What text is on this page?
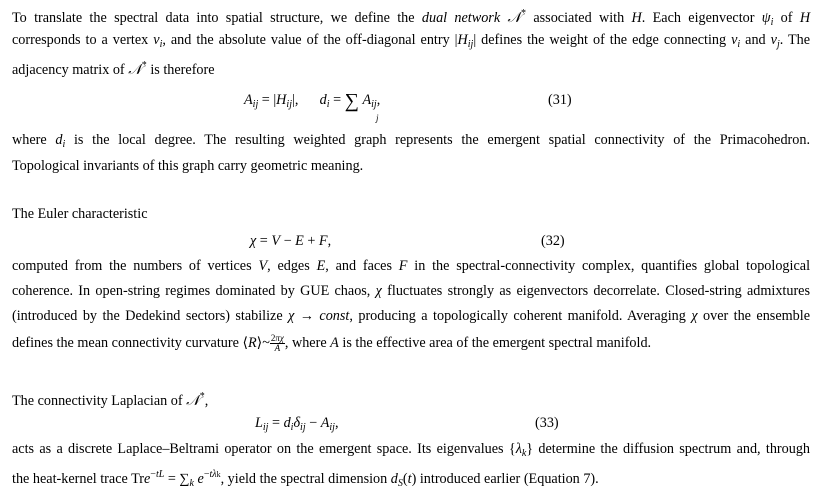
To translate the spectral data into spatial structure, we define the dual network 𝒩* associated with H. Each eigenvector $\psi_i$ of H
corresponds to a vertex $v_i$, and the absolute value of the off-diagonal entry $|H_{ij}|$ defines the weight of the edge connecting $v_i$ and $v_j$. The
adjacency matrix of 𝒩* is therefore
$A_{ij} = |H_{ij}|$,      $d_i$ = ∑ $A_{ij}$,
j
(31)
where $d_i$ is the local degree. The resulting weighted graph represents the emergent spatial connectivity of the Primacohedron.
Topological invariants of this graph carry geometric meaning.
The Euler characteristic
χ = V − E + F,	(32)
computed from the numbers of vertices V, edges E, and faces F in the spectral-connectivity complex, quantifies global topological
coherence. In open-string regimes dominated by GUE chaos, χ fluctuates strongly as eigenvectors decorrelate. Closed-string admixtures
(introduced by the Dedekind sectors) stabilize χ → const, producing a topologically coherent manifold. Averaging χ over the ensemble
defines the mean connectivity curvature ⟨R⟩~ $\frac{2\pi\chi}{A}$ , where A is the effective area of the emergent spectral manifold.
The connectivity Laplacian of 𝒩*,
$L_{ij} = d_i\delta_{ij} - A_{ij}$,	(33)
acts as a discrete Laplace–Beltrami operator on the emergent space. Its eigenvalues $\{\lambda_k\}$ determine the diffusion spectrum and, through
the heat-kernel trace $Tre^{-tL} = \sum_k$ $e^{-t\lambda k}$, yield the spectral dimension $d_S(t)$ introduced earlier (Equation 7).
